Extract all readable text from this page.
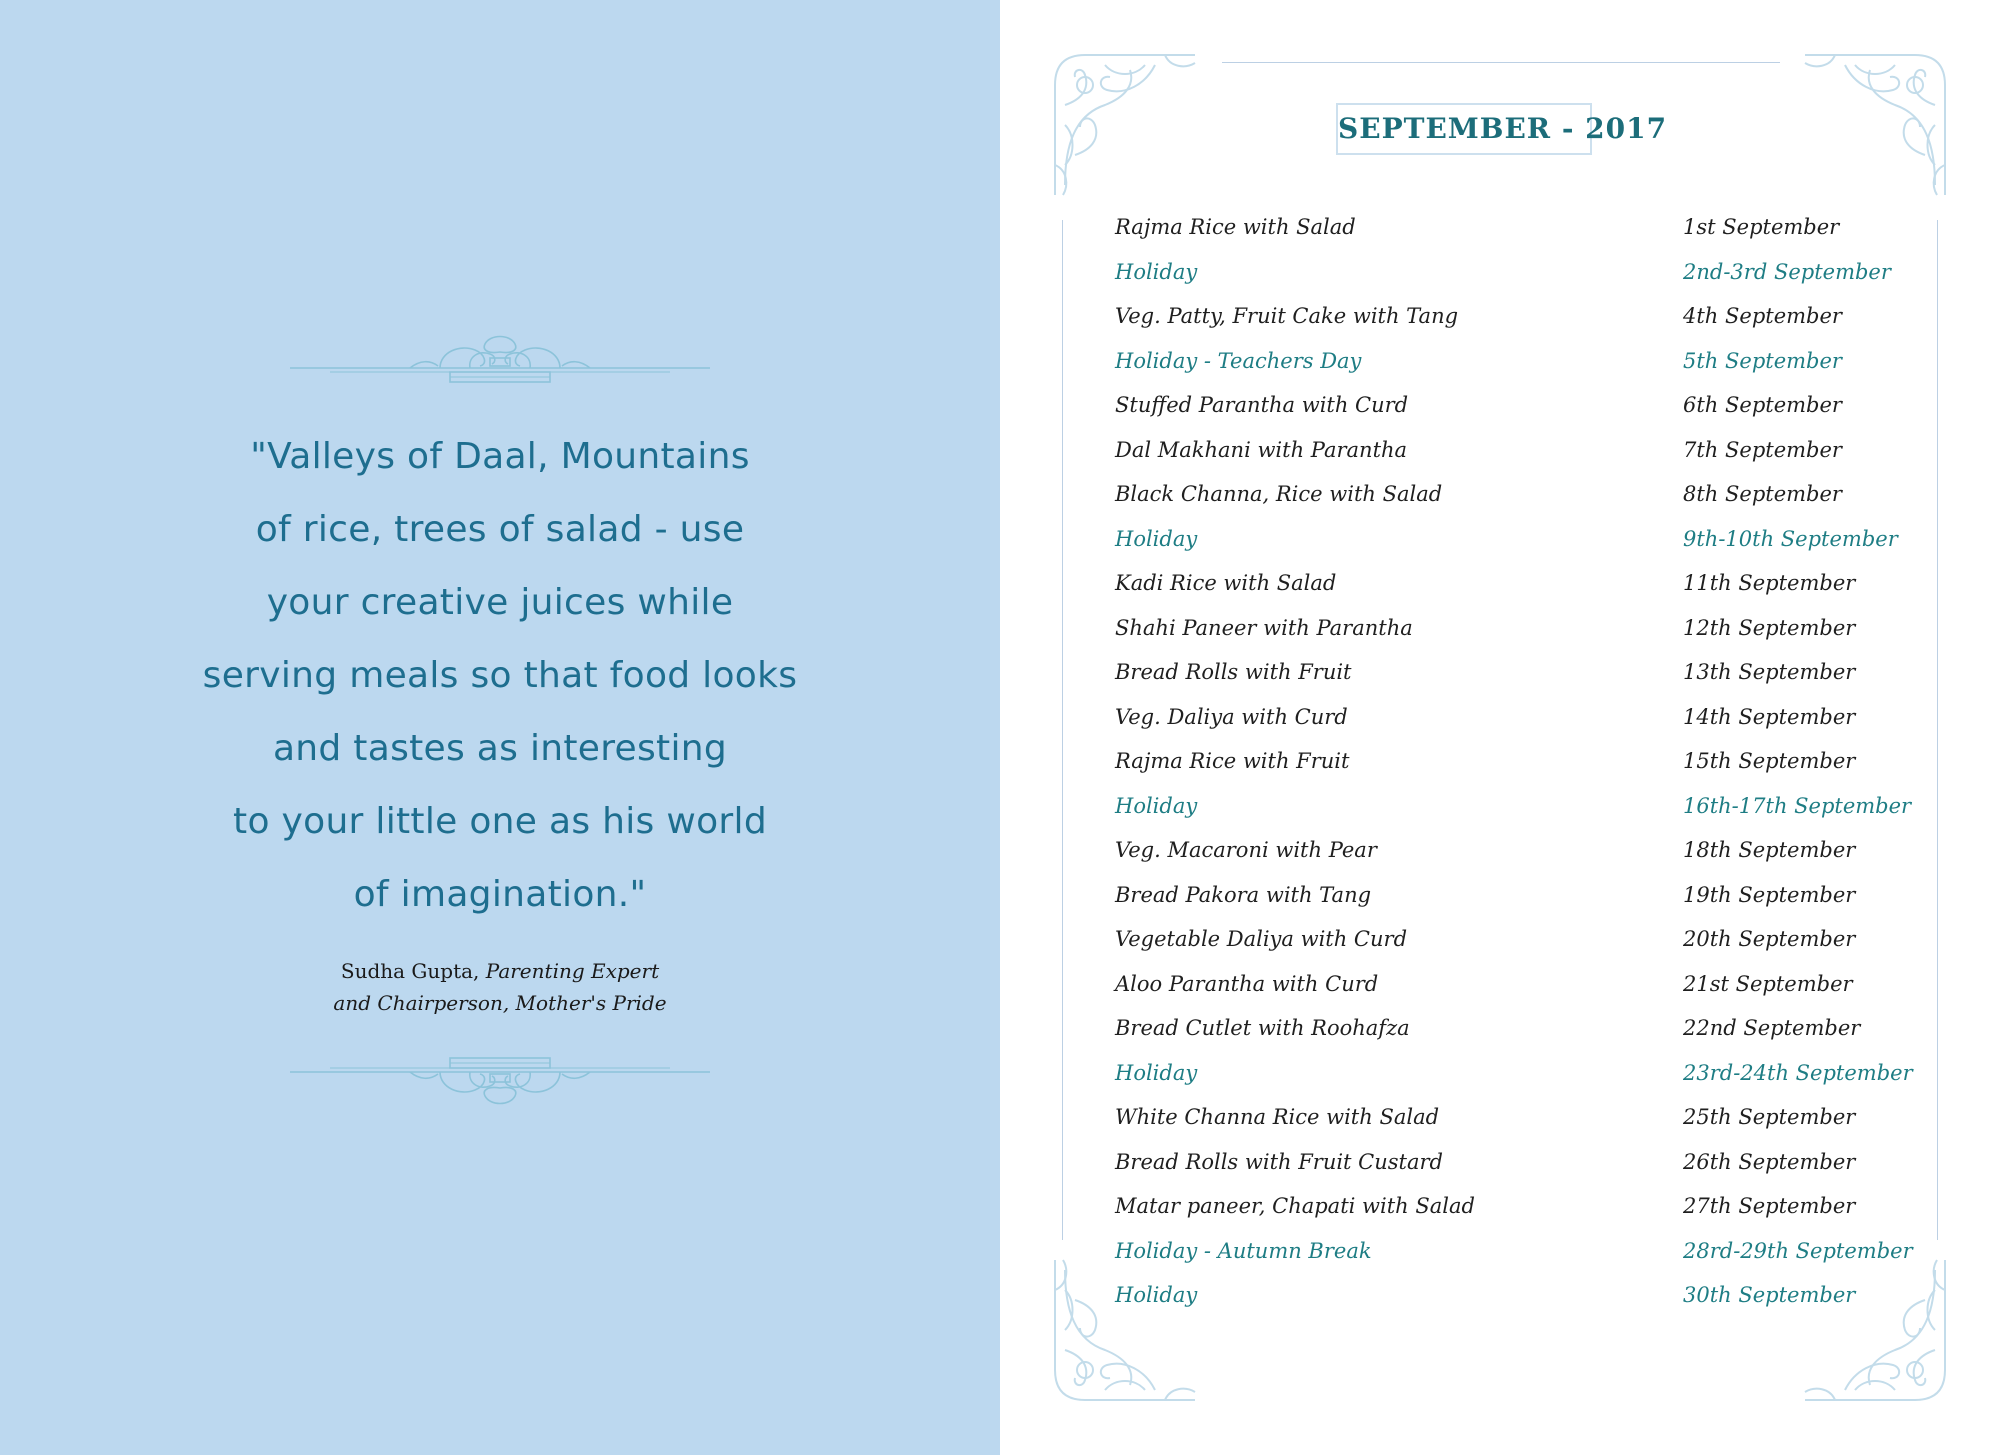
"Valleys of Daal, Mountains
of rice, trees of salad - use
your creative juices while
serving meals so that food looks
and tastes as interesting
to your little one as his world
of imagination."
Sudha Gupta, Parenting Expert
and Chairperson, Mother's Pride
SEPTEMBER - 2017
Rajma Rice with Salad	1st September
Holiday	2nd-3rd September
Veg. Patty, Fruit Cake with Tang	4th September
Holiday - Teachers Day	5th September
Stuffed Parantha with Curd	6th September
Dal Makhani with Parantha	7th September
Black Channa, Rice with Salad	8th September
Holiday	9th-10th September
Kadi Rice with Salad	11th September
Shahi Paneer with Parantha	12th September
Bread Rolls with Fruit	13th September
Veg. Daliya with Curd	14th September
Rajma Rice with Fruit	15th September
Holiday	16th-17th September
Veg. Macaroni with Pear	18th September
Bread Pakora with Tang	19th September
Vegetable Daliya with Curd	20th September
Aloo Parantha with Curd	21st September
Bread Cutlet with Roohafza	22nd September
Holiday	23rd-24th September
White Channa Rice with Salad	25th September
Bread Rolls with Fruit Custard	26th September
Matar paneer, Chapati with Salad	27th September
Holiday - Autumn Break	28rd-29th September
Holiday	30th September
